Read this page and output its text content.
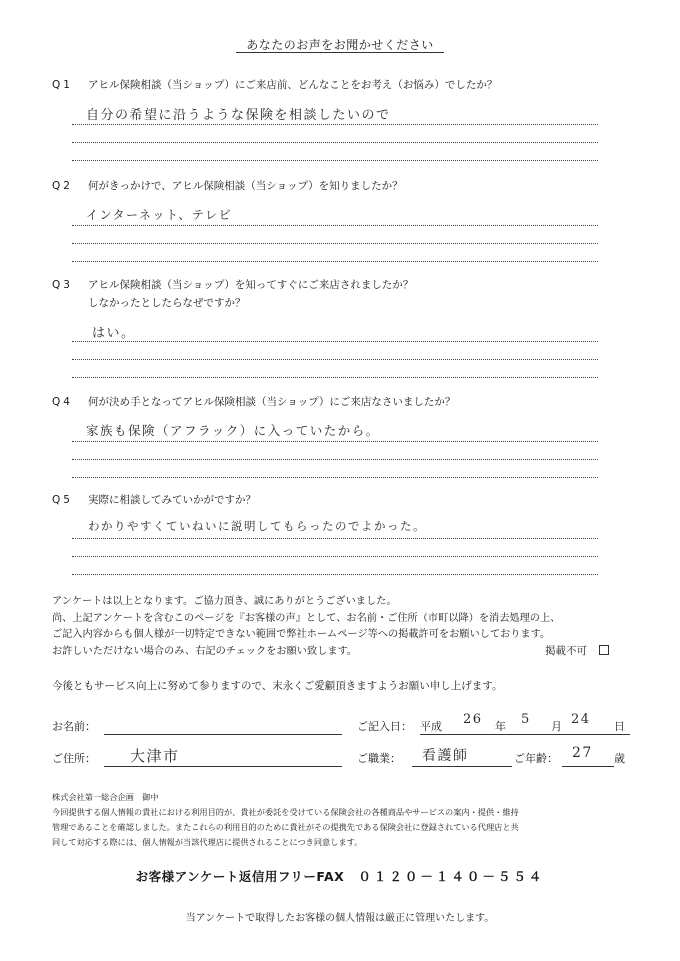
あなたのお声をお聞かせください
Q1 アヒル保険相談（当ショップ）にご来店前、どんなことをお考え（お悩み）でしたか？
自分の希望に沿うような保険を相談したいので
Q2 何がきっかけで、アヒル保険相談（当ショップ）を知りましたか？
インターネット、テレビ
Q3 アヒル保険相談（当ショップ）を知ってすぐにご来店されましたか？
しなかったとしたらなぜですか？
はい。
Q4 何が決め手となってアヒル保険相談（当ショップ）にご来店なさいましたか？
家族も保険（アフラック）に入っていたから。
Q5 実際に相談してみていかがですか？
わかりやすくていねいに説明してもらったのでよかった。
アンケートは以上となります。ご協力頂き、誠にありがとうございました。
尚、上記アンケートを含むこのページを『お客様の声』として、お名前・ご住所（市町以降）を消去処理の上、
ご記入内容からも個人様が一切特定できない範囲で弊社ホームページ等への掲載許可をお願いしております。
お許しいただけない場合のみ、右記のチェックをお願い致します。	掲載不可
今後ともサービス向上に努めて参りますので、末永くご愛顧頂きますようお願い申し上げます。
お名前：	ご記入日： 平成 26 年 5 月 24 日
ご住所： 大津市	ご職業： 看護師	ご年齢： 27 歳
株式会社第一総合企画　御中
今回提供する個人情報の貴社における利用目的が、貴社が委託を受けている保険会社の各種商品やサービスの案内・提供・維持
管理であることを確認しました。またこれらの利用目的のために貴社がその提携先である保険会社に登録されている代理店と共
同して対応する際には、個人情報が当該代理店に提供されることにつき同意します。
お客様アンケート返信用フリーFAX ０１２０－１４０－５５４
当アンケートで取得したお客様の個人情報は厳正に管理いたします。
